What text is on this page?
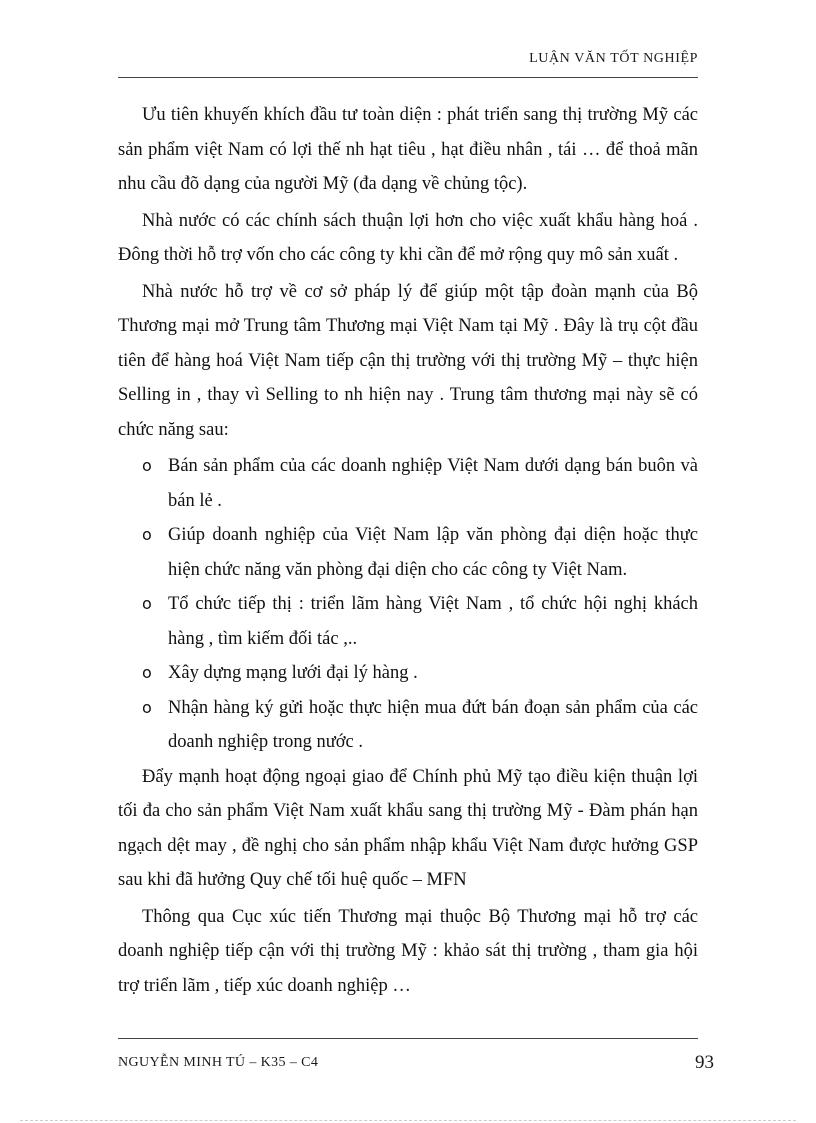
LUẬN VĂN TỐT NGHIỆP

Ưu tiên khuyến khích đầu tư toàn diện : phát triển sang thị trường Mỹ các sản phẩm việt Nam có lợi thế nh hạt tiêu , hạt điều nhân , tái … để thoả mãn nhu cầu đõ dạng của người Mỹ (đa dạng về chủng tộc).

Nhà nước có các chính sách thuận lợi hơn cho việc xuất khẩu hàng hoá . Đông thời hỗ trợ vốn cho các công ty khi cần để mở rộng quy mô sản xuất .

Nhà nước hỗ trợ về cơ sở pháp lý để giúp một tập đoàn mạnh của Bộ Thương mại mở Trung tâm Thương mại Việt Nam tại Mỹ . Đây là trụ cột đầu tiên để hàng hoá Việt Nam tiếp cận thị trường với thị trường Mỹ – thực hiện Selling in , thay vì Selling to nh hiện nay . Trung tâm thương mại này sẽ có chức năng sau:

o Bán sản phẩm của các doanh nghiệp Việt Nam dưới dạng bán buôn và bán lẻ .
o Giúp doanh nghiệp của Việt Nam lập văn phòng đại diện hoặc thực hiện chức năng văn phòng đại diện cho các công ty Việt Nam.
o Tổ chức tiếp thị : triển lãm hàng Việt Nam , tổ chức hội nghị khách hàng , tìm kiếm đối tác ,..
o Xây dựng mạng lưới đại lý hàng .
o Nhận hàng ký gửi hoặc thực hiện mua đứt bán đoạn sản phẩm của các doanh nghiệp trong nước .

Đẩy mạnh hoạt động ngoại giao để Chính phủ Mỹ tạo điều kiện thuận lợi tối đa cho sản phẩm Việt Nam xuất khẩu sang thị trường Mỹ - Đàm phán hạn ngạch dệt may , đề nghị cho sản phẩm nhập khẩu Việt Nam được hưởng GSP sau khi đã hưởng Quy chế tối huệ quốc – MFN

Thông qua Cục xúc tiến Thương mại thuộc Bộ Thương mại hỗ trợ các doanh nghiệp tiếp cận với thị trường Mỹ : khảo sát thị trường , tham gia hội trợ triển lãm , tiếp xúc doanh nghiệp …

NGUYỄN MINH TÚ – K35 – C4	93
